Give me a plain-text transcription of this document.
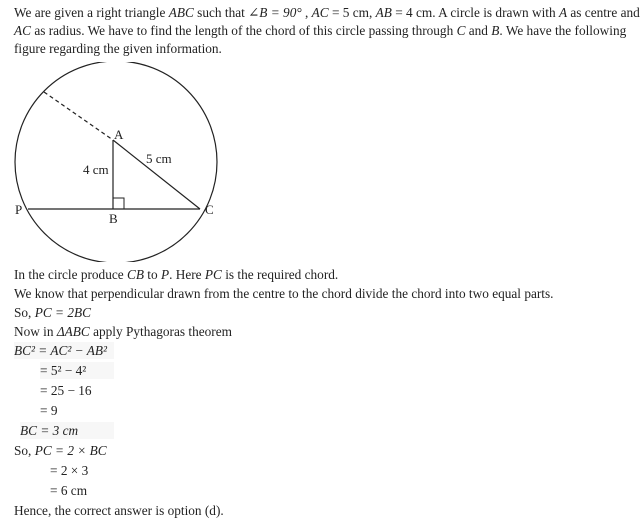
We are given a right triangle ABC such that ∠B = 90° , AC = 5 cm, AB = 4 cm. A circle is drawn with A as centre and
AC as radius. We have to find the length of the chord of this circle passing through C and B. We have the following
figure regarding the given information.
A
B
C
P
4 cm
5 cm
In the circle produce CB to P. Here PC is the required chord.
We know that perpendicular drawn from the centre to the chord divide the chord into two equal parts.
So, PC = 2BC
Now in ΔABC apply Pythagoras theorem
BC² = AC² − AB²
= 5² − 4²
= 25 − 16
= 9
BC = 3 cm
So, PC = 2 × BC
= 2 × 3
= 6 cm
Hence, the correct answer is option (d).
